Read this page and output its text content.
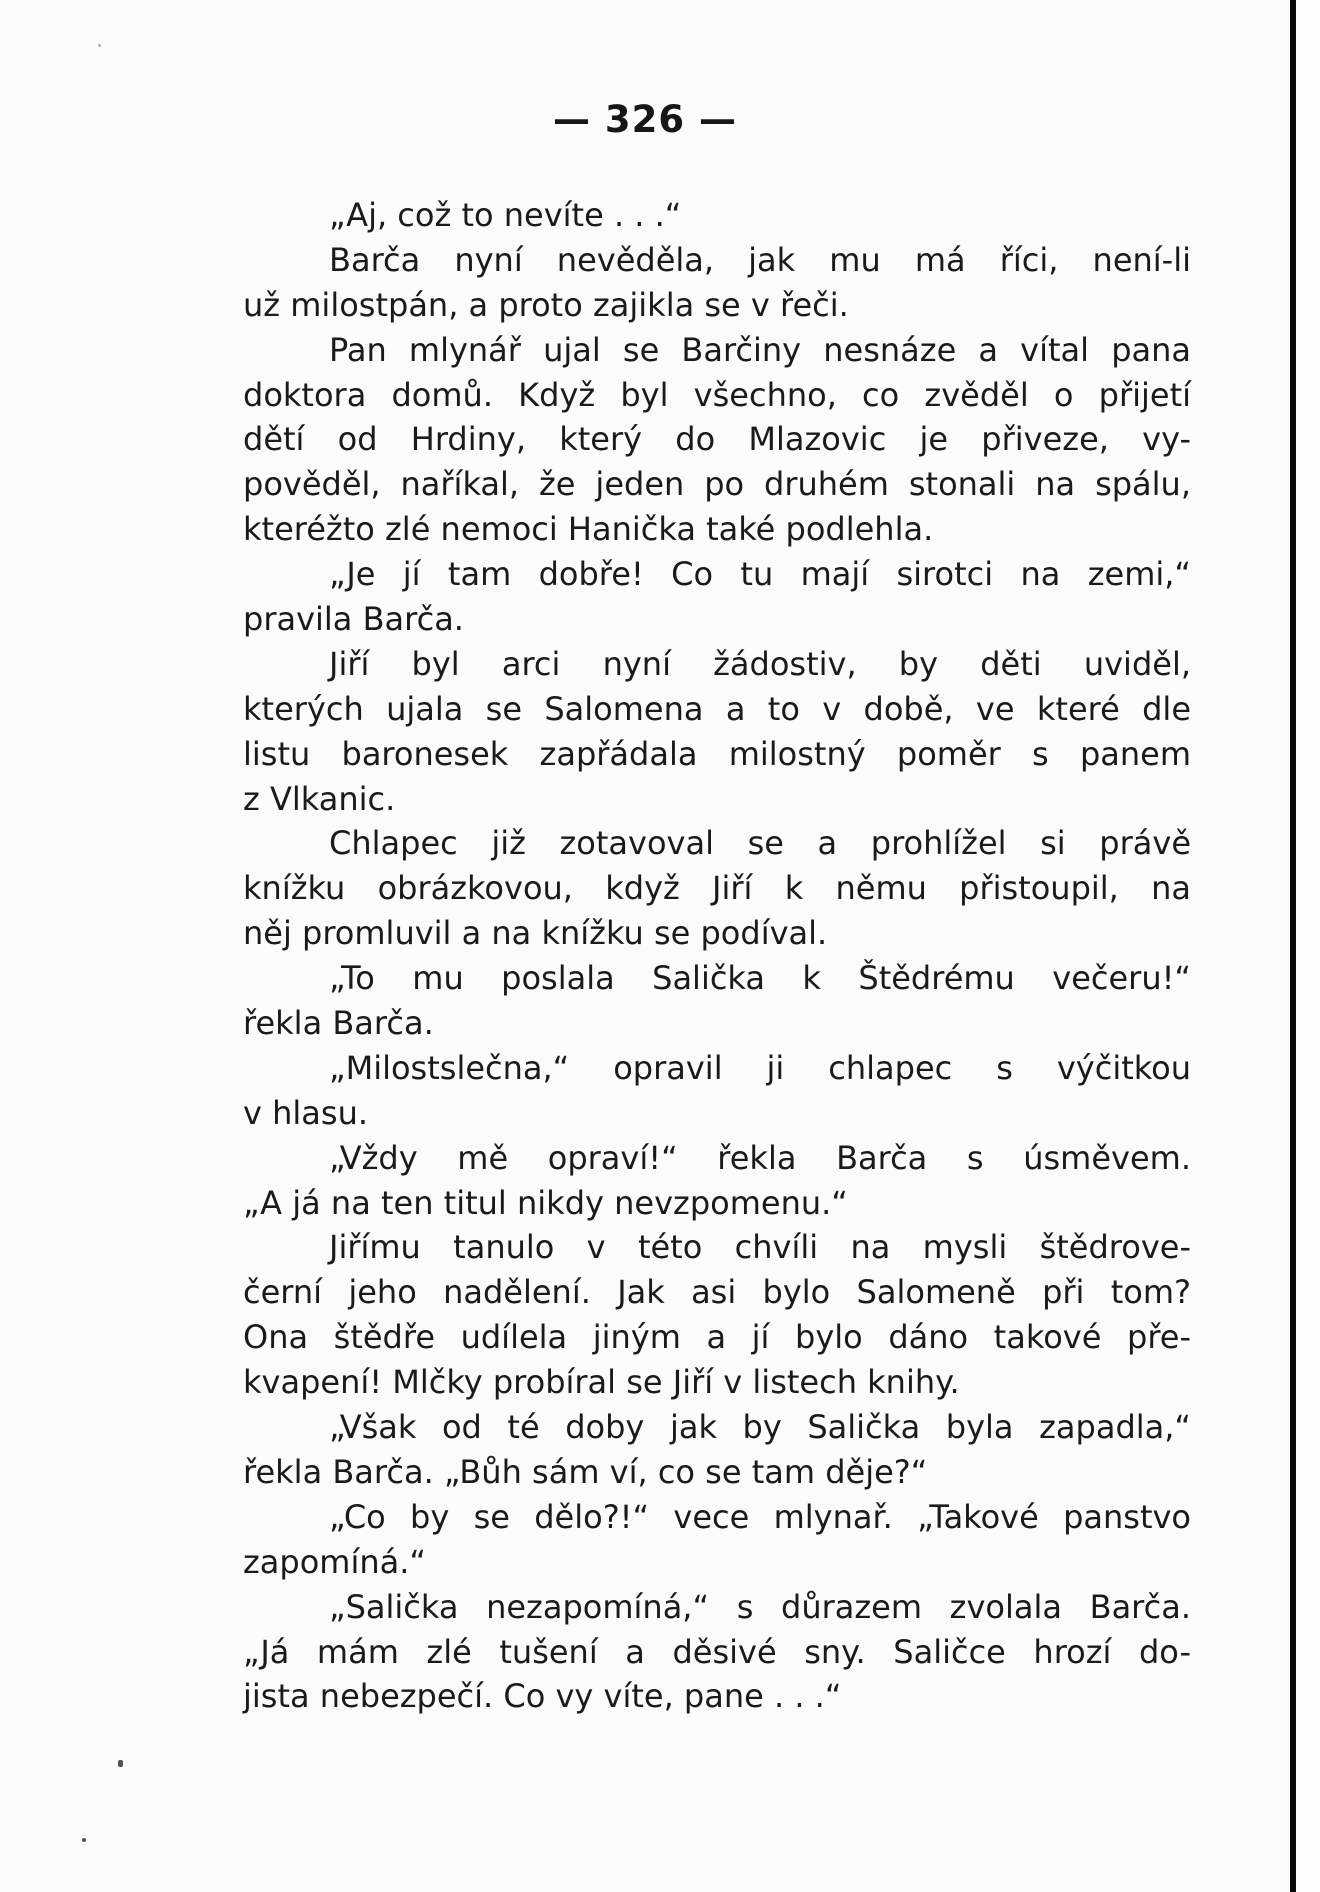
— 326 —
„Aj, což to nevíte . . .“
Barča nyní nevěděla, jak mu má říci, není-li
už milostpán, a proto zajikla se v řeči.
Pan mlynář ujal se Barčiny nesnáze a vítal pana
doktora domů. Když byl všechno, co zvěděl o přijetí
dětí od Hrdiny, který do Mlazovic je přiveze, vy-
pověděl, naříkal, že jeden po druhém stonali na spálu,
kteréžto zlé nemoci Hanička také podlehla.
„Je jí tam dobře! Co tu mají sirotci na zemi,“
pravila Barča.
Jiří byl arci nyní žádostiv, by děti uviděl,
kterých ujala se Salomena a to v době, ve které dle
listu baronesek zapřádala milostný poměr s panem
z Vlkanic.
Chlapec již zotavoval se a prohlížel si právě
knížku obrázkovou, když Jiří k němu přistoupil, na
něj promluvil a na knížku se podíval.
„To mu poslala Salička k Štědrému večeru!“
řekla Barča.
„Milostslečna,“ opravil ji chlapec s výčitkou
v hlasu.
„Vždy mě opraví!“ řekla Barča s úsměvem.
„A já na ten titul nikdy nevzpomenu.“
Jiřímu tanulo v této chvíli na mysli štědrove-
černí jeho nadělení. Jak asi bylo Salomeně při tom?
Ona štědře udílela jiným a jí bylo dáno takové pře-
kvapení! Mlčky probíral se Jiří v listech knihy.
„Však od té doby jak by Salička byla zapadla,“
řekla Barča. „Bůh sám ví, co se tam děje?“
„Co by se dělo?!“ vece mlynař. „Takové panstvo
zapomíná.“
„Salička nezapomíná,“ s důrazem zvolala Barča.
„Já mám zlé tušení a děsivé sny. Saličce hrozí do-
jista nebezpečí. Co vy víte, pane . . .“
